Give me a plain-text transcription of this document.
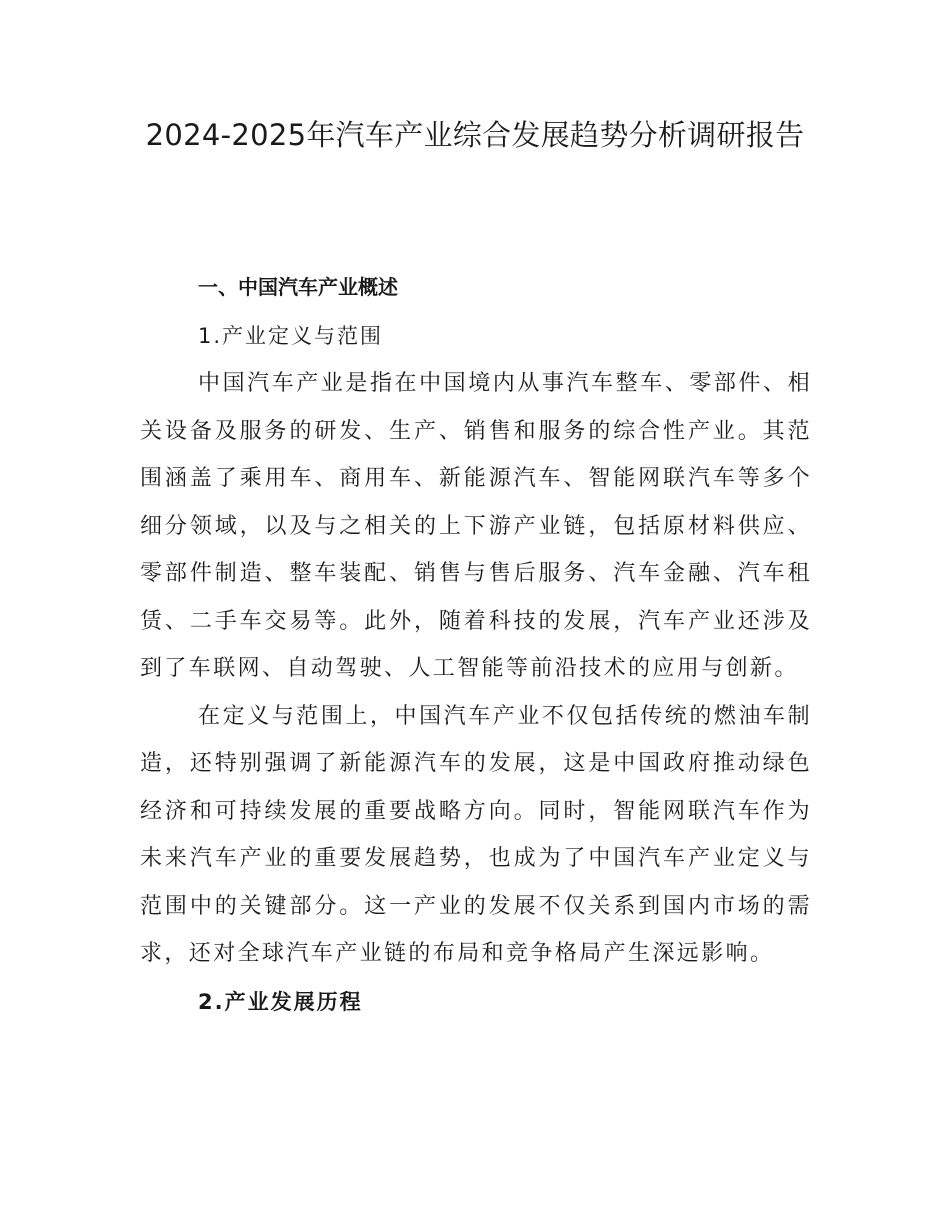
2024-2025年汽车产业综合发展趋势分析调研报告
一、中国汽车产业概述
1.产业定义与范围

中国汽车产业是指在中国境内从事汽车整车、零部件、相关设备及服务的研发、生产、销售和服务的综合性产业。其范围涵盖了乘用车、商用车、新能源汽车、智能网联汽车等多个细分领域，以及与之相关的上下游产业链，包括原材料供应、零部件制造、整车装配、销售与售后服务、汽车金融、汽车租赁、二手车交易等。此外，随着科技的发展，汽车产业还涉及到了车联网、自动驾驶、人工智能等前沿技术的应用与创新。

在定义与范围上，中国汽车产业不仅包括传统的燃油车制造，还特别强调了新能源汽车的发展，这是中国政府推动绿色经济和可持续发展的重要战略方向。同时，智能网联汽车作为未来汽车产业的重要发展趋势，也成为了中国汽车产业定义与范围中的关键部分。这一产业的发展不仅关系到国内市场的需求，还对全球汽车产业链的布局和竞争格局产生深远影响。

2.产业发展历程
